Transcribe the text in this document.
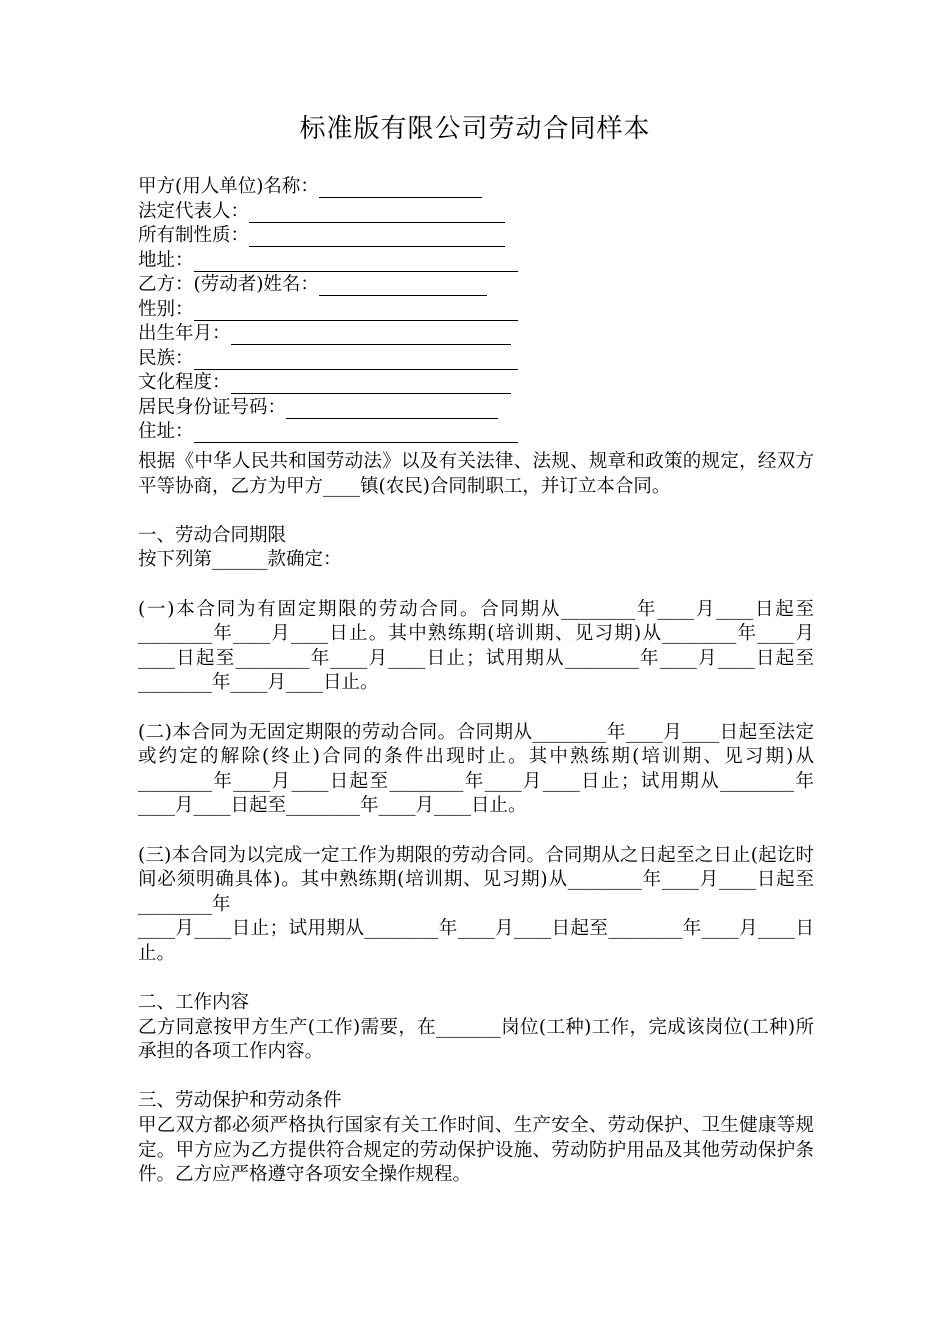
标准版有限公司劳动合同样本
甲方(用人单位)名称：
法定代表人：
所有制性质：
地址：
乙方：(劳动者)姓名：
性别：
出生年月：
民族：
文化程度：
居民身份证号码：
住址：

根据《中华人民共和国劳动法》以及有关法律、法规、规章和政策的规定，经双方平等协商，乙方为甲方____镇(农民)合同制职工，并订立本合同。

一、劳动合同期限

按下列第______款确定：

(一)本合同为有固定期限的劳动合同。合同期从________年____月____日起至________年____月____日止。其中熟练期(培训期、见习期)从________年____月____日起至________年____月____日止；试用期从________年____月____日起至________年____月____日止。

(二)本合同为无固定期限的劳动合同。合同期从________年____月____日起至法定或约定的解除(终止)合同的条件出现时止。其中熟练期(培训期、见习期)从________年____月____日起至________年____月____日止；试用期从________年____月____日起至________年____月____日止。

(三)本合同为以完成一定工作为期限的劳动合同。合同期从之日起至之日止(起讫时间必须明确具体)。其中熟练期(培训期、见习期)从________年____月____日起至________年

____月____日止；试用期从________年____月____日起至________年____月____日止。

二、工作内容

乙方同意按甲方生产(工作)需要，在_______岗位(工种)工作，完成该岗位(工种)所承担的各项工作内容。

三、劳动保护和劳动条件

甲乙双方都必须严格执行国家有关工作时间、生产安全、劳动保护、卫生健康等规定。甲方应为乙方提供符合规定的劳动保护设施、劳动防护用品及其他劳动保护条件。乙方应严格遵守各项安全操作规程。
